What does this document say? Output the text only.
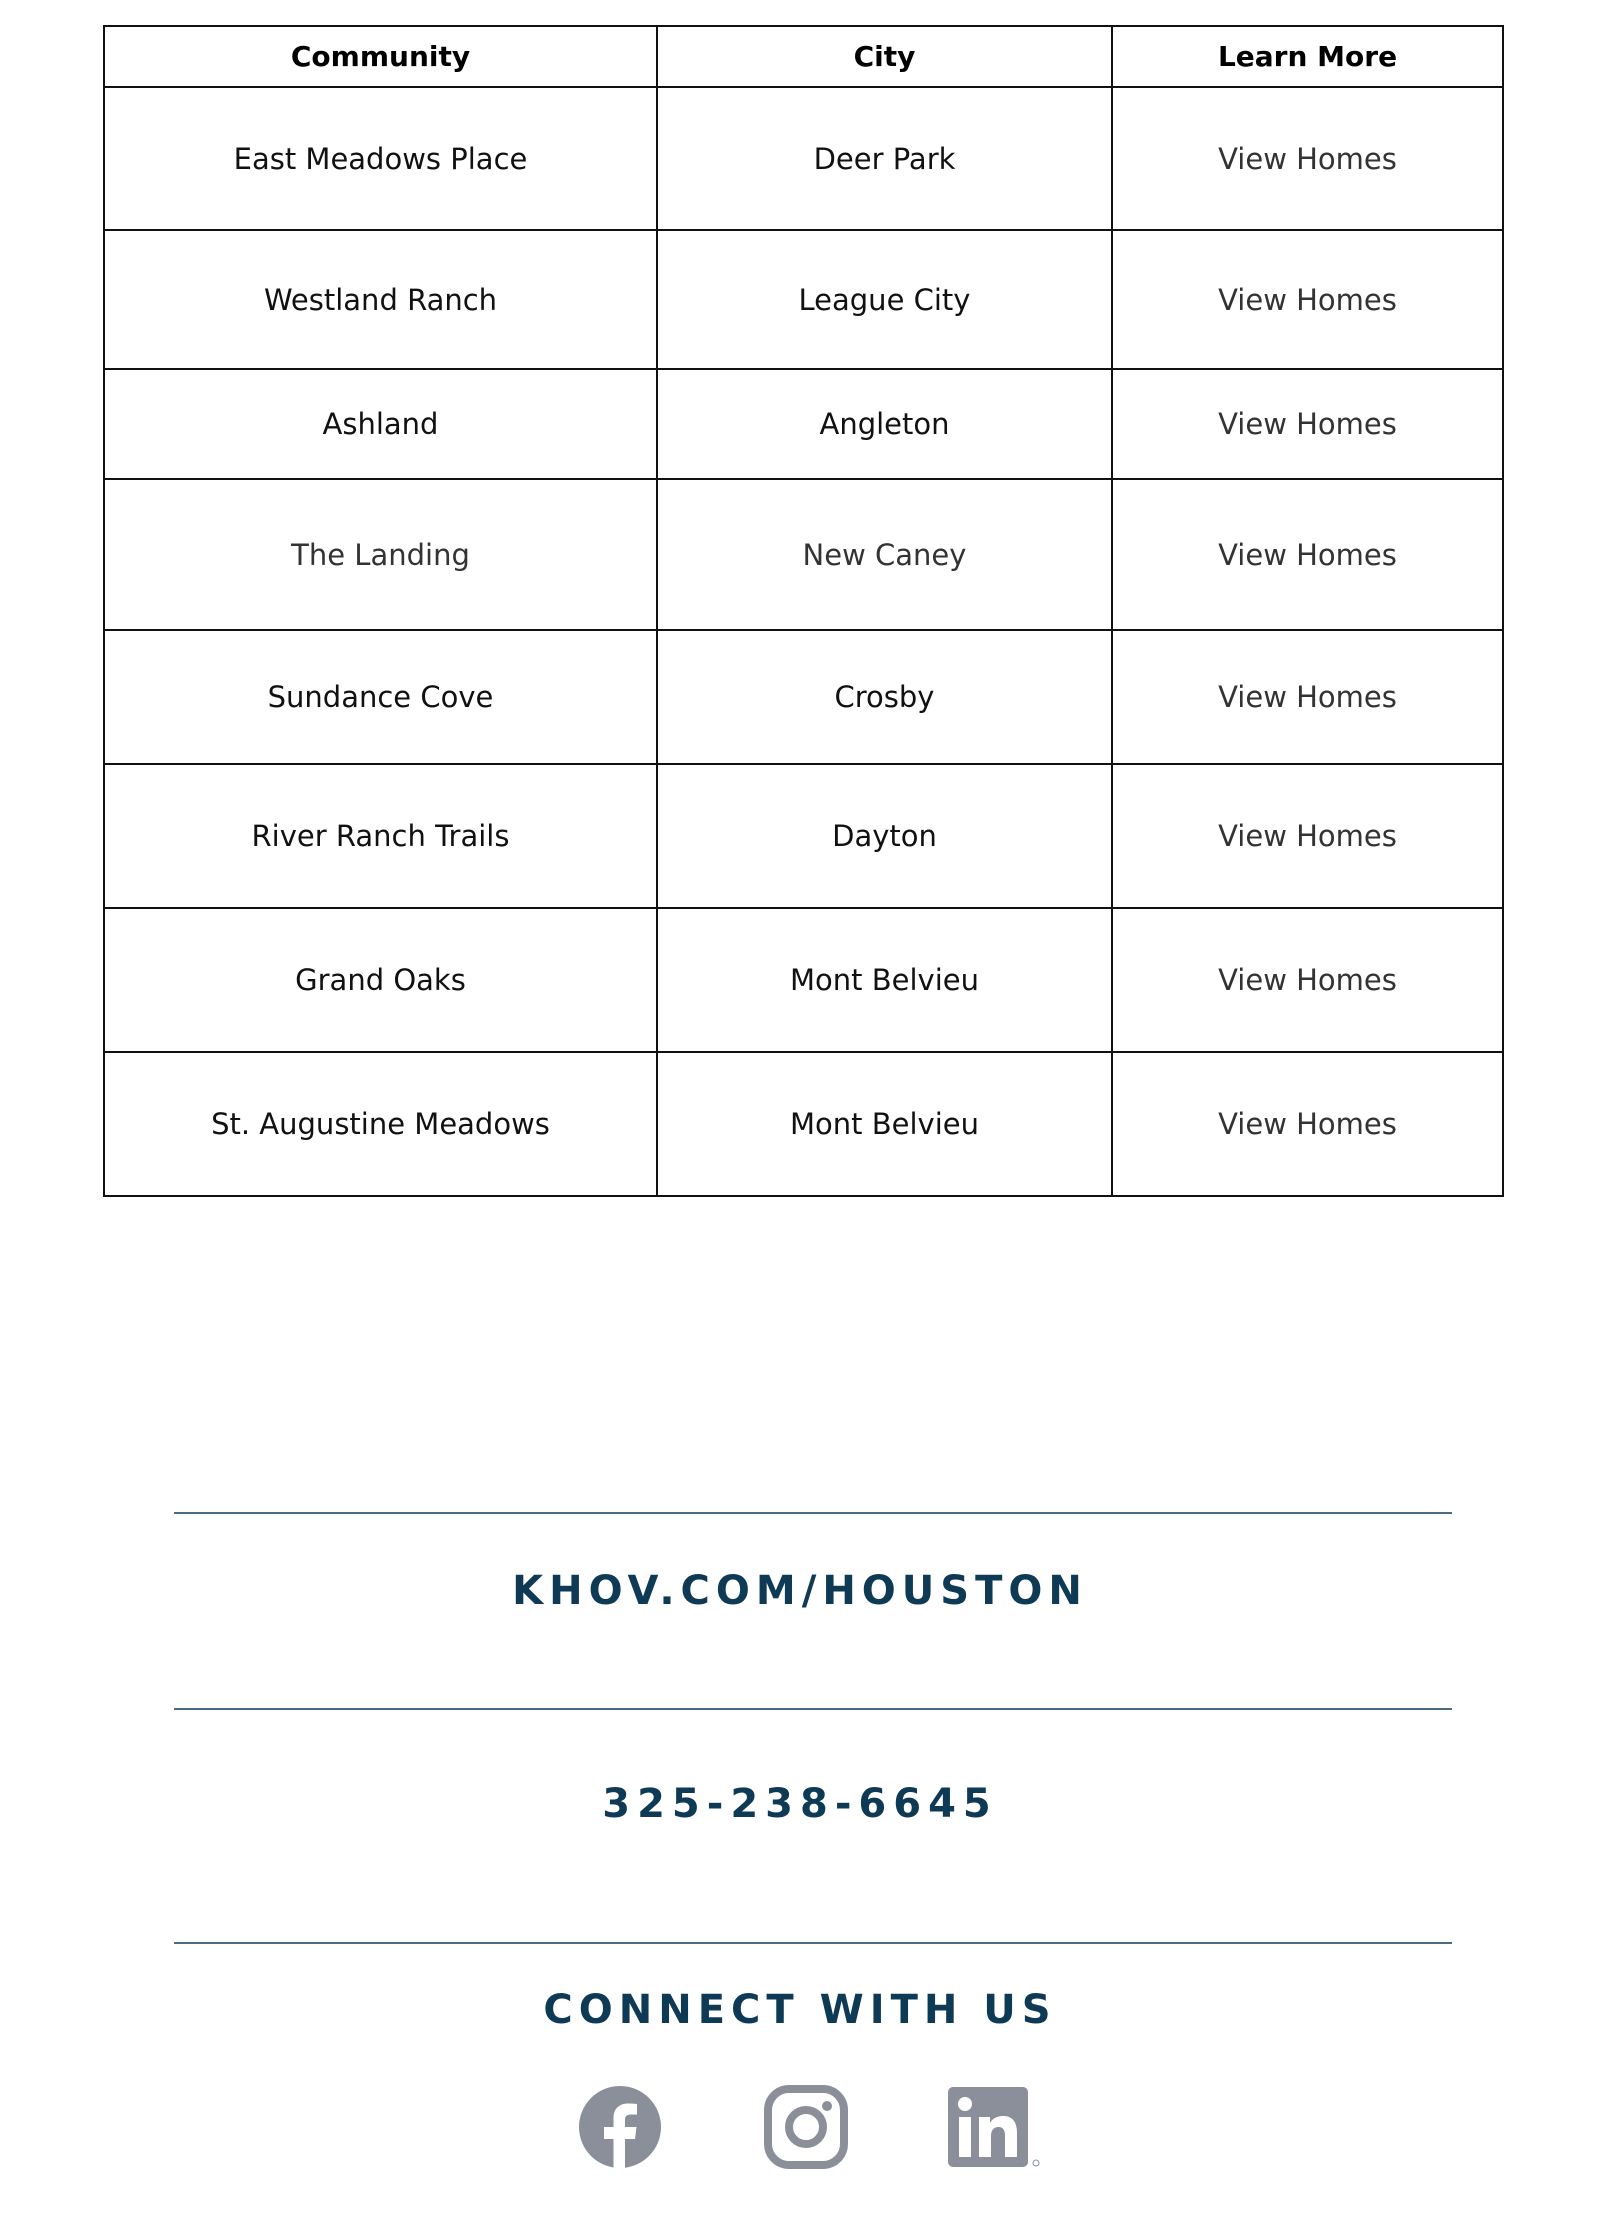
Community	City	Learn More
East Meadows Place	Deer Park	View Homes
Westland Ranch	League City	View Homes
Ashland	Angleton	View Homes
The Landing	New Caney	View Homes
Sundance Cove	Crosby	View Homes
River Ranch Trails	Dayton	View Homes
Grand Oaks	Mont Belvieu	View Homes
St. Augustine Meadows	Mont Belvieu	View Homes
KHOV.COM/HOUSTON
325-238-6645
CONNECT WITH US
